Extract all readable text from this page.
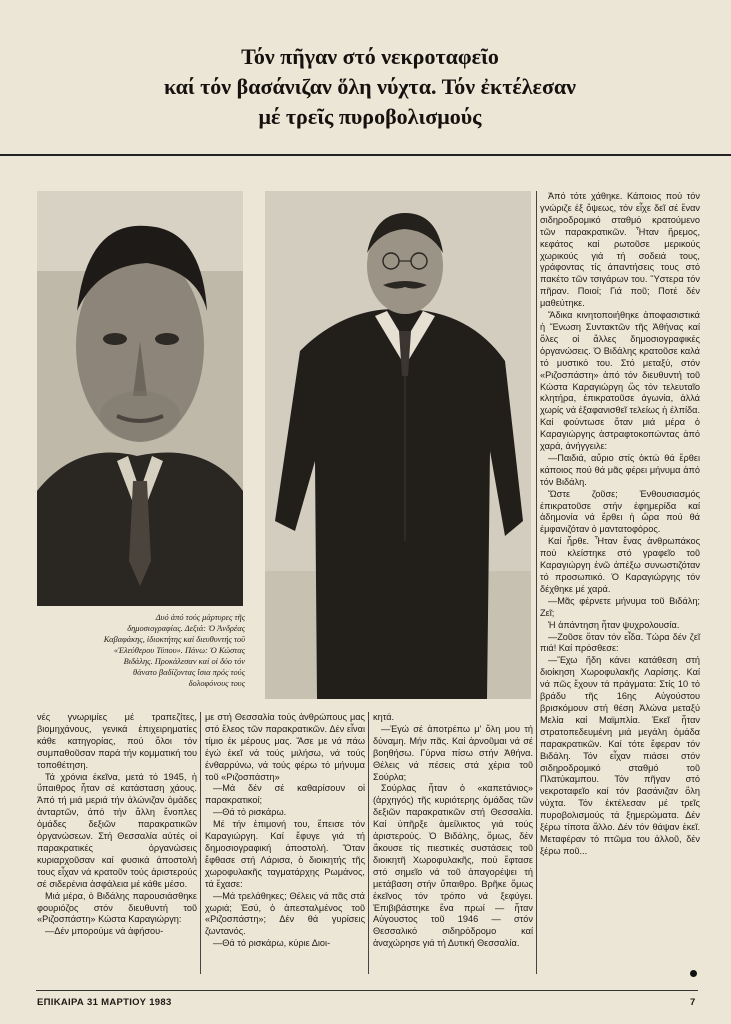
Τόν πῆγαν στό νεκροταφεῖο
καί τόν βασάνιζαν ὅλη νύχτα. Τόν ἐκτέλεσαν
μέ τρεῖς πυροβολισμούς
Δυό ἀπό τούς μάρτυρες τῆς δημοσιογραφίας. Δεξιά: Ὁ Ἀνδρέας Καβαφάκης, ἰδιοκτήτης καί διευθυντής τοῦ «Ἐλεύθερου Τύπου». Πάνω: Ὁ Κώστας Βιδάλης. Προκάλεσαν καί οἱ δύο τόν θάνατο βαδίζοντας ἴσια πρός τούς δολοφόνους τους

Ἀπό τότε χάθηκε. Κάποιος πού τόν γνώριζε ἐξ ὄψεως, τόν εἶχε δεῖ σέ ἕναν σιδηροδρομικό σταθμό κρατούμενο τῶν παρακρατικῶν. Ἦταν ἥρεμος, κεφάτος καί ρωτοῦσε μερικούς χωρικούς γιά τή σοδειά τους, γράφοντας τίς ἀπαντήσεις τους στό πακέτο τῶν τσιγάρων του. Ὕστερα τόν πῆραν. Ποιοί; Γιά ποῦ; Ποτέ δέν μαθεύτηκε.

Ἄδικα κινητοποιήθηκε ἀποφασιστικά ἡ Ἕνωση Συντακτῶν τῆς Ἀθήνας καί ὅλες οἱ ἄλλες δημοσιογραφικές ὀργανώσεις. Ὁ Βιδάλης κρατοῦσε καλά τό μυστικό του. Στό μεταξύ, στόν «Ριζοσπάστη» ἀπό τόν διευθυντή τοῦ Κώστα Καραγιώργη ὥς τόν τελευταῖο κλητήρα, ἐπικρατοῦσε ἀγωνία, ἀλλά χωρίς νά ἐξαφανισθεῖ τελείως ἡ ἐλπίδα. Καί φούντωσε ὅταν μιά μέρα ὁ Καραγιώργης ἀστραφτοκοπώντας ἀπό χαρά, ἀνήγγειλε:

—Παιδιά, αὔριο στίς ὀκτώ θά ἔρθει κάποιος πού θά μᾶς φέρει μήνυμα ἀπό τόν Βιδάλη.

Ὥστε ζοῦσε; Ἐνθουσιασμός ἐπικρατοῦσε στήν ἐφημερίδα καί ἀδημονία νά ἔρθει ἡ ὥρα πού θά ἐμφανιζόταν ὁ μαντατοφόρος.

Καί ἦρθε. Ἦταν ἕνας ἀνθρωπάκος πού κλείστηκε στό γραφεῖο τοῦ Καραγιώργη ἐνῶ ἀπέξω συνωστιζόταν τό προσωπικό. Ὁ Καραγιώργης τόν δέχθηκε μέ χαρά.

—Μᾶς φέρνετε μήνυμα τοῦ Βιδάλη; Ζεῖ;

Ἡ ἀπάντηση ἦταν ψυχρολουσία.

—Ζοῦσε ὅταν τόν εἶδα. Τώρα δέν ζεῖ πιά! Καί πρόσθεσε:

—Ἔχω ἤδη κάνει κατάθεση στή διοίκηση Χωροφυλακῆς Λαρίσης. Καί νά πῶς ἔχουν τά πράγματα: Στίς 10 τό βράδυ τῆς 16ης Αὐγούστου βρισκόμουν στή θέση Ἀλώνα μεταξύ Μελία καί Μαϊμπλία. Ἐκεῖ ἦταν στρατοπεδευμένη μιά μεγάλη ὁμάδα παρακρατικῶν. Καί τότε ἔφεραν τόν Βιδάλη. Τόν εἶχαν πιάσει στόν σιδηροδρομικό σταθμό τοῦ Πλατύκαμπου. Τόν πῆγαν στό νεκροταφεῖο καί τόν βασάνιζαν ὅλη νύχτα. Τόν ἐκτέλεσαν μέ τρεῖς πυροβολισμούς τά ξημερώματα. Δέν ξέρω τίποτα ἄλλο. Δέν τόν θάψαν ἐκεῖ. Μεταφέραν τό πτῶμα του ἀλλοῦ, δέν ξέρω ποῦ...

νές γνωριμίες μέ τραπεζίτες, βιομηχάνους, γενικά ἐπιχειρηματίες κάθε κατηγορίας, πού ὅλοι τόν συμπαθοῦσαν παρά τήν κομματική του τοποθέτηση.

Τά χρόνια ἐκεῖνα, μετά τό 1945, ἡ ὕπαιθρος ἦταν σέ κατάσταση χάους. Ἀπό τή μιά μεριά τήν ἀλώνιζαν ὁμάδες ἀνταρτῶν, ἀπό τήν ἄλλη ἔνοπλες ὁμάδες δεξιῶν παρακρατικῶν ὀργανώσεων. Στή Θεσσαλία αὐτές οἱ παρακρατικές ὀργανώσεις κυριαρχοῦσαν καί φυσικά ἀποστολή τους εἶχαν νά κρατοῦν τούς ἀριστερούς σέ σιδερένια ἀσφάλεια μέ κάθε μέσο.

Μιά μέρα, ὁ Βιδάλης παρουσιάσθηκε φουριόζος στόν διευθυντή τοῦ «Ριζοσπάστη» Κώστα Καραγιώργη:

—Δέν μπορούμε νά ἀφήσου-

με στή Θεσσαλία τούς ἀνθρώπους μας στό ἔλεος τῶν παρακρατικῶν. Δέν εἶναι τίμιο ἐκ μέρους μας. Ἄσε με νά πάω ἐγώ ἐκεῖ νά τούς μιλήσω, νά τούς ἐνθαρρύνω, νά τούς φέρω τό μήνυμα τοῦ «Ριζοσπάστη»

—Μά δέν σέ καθαρίσουν οἱ παρακρατικοί;

—Θά τό ρισκάρω.

Μέ τήν ἐπιμονή του, ἔπεισε τόν Καραγιώργη. Καί ἔφυγε γιά τή δημοσιογραφική ἀποστολή. Ὅταν ἔφθασε στή Λάρισα, ὁ διοικητής τῆς χωροφυλακῆς ταγματάρχης Ρωμάνος, τά ἔχασε:

—Μά τρελάθηκες; Θέλεις νά πᾶς στά χωριά; Ἐσύ, ὁ ἀπεσταλμένος τοῦ «Ριζοσπάστη»; Δέν θά γυρίσεις ζωντανός.

—Θά τό ρισκάρω, κύριε Διοι-

κητά.

—Ἐγώ σέ ἀποτρέπω μ' ὅλη μου τή δύναμη. Μήν πᾶς. Καί ἀρνοῦμαι νά σέ βοηθήσω. Γύρνα πίσω στήν Ἀθήνα. Θέλεις νά πέσεις στά χέρια τοῦ Σούρλα;

Σούρλας ἦταν ὁ «καπετάνιος» (ἀρχηγός) τῆς κυριότερης ὁμάδας τῶν δεξιῶν παρακρατικῶν στή Θεσσαλία. Καί ὑπῆρξε ἀμείλικτος γιά τούς ἀριστερούς. Ὁ Βιδάλης, ὅμως, δέν ἄκουσε τίς πιεστικές συστάσεις τοῦ διοικητῆ Χωροφυλακῆς, πού ἔφτασε στό σημεῖο νά τοῦ ἀπαγορέψει τή μετάβαση στήν ὕπαιθρο. Βρῆκε ὅμως ἐκεῖνος τόν τρόπο νά ξεφύγει. Ἐπιβιβάστηκε ἕνα πρωί — ἦταν Αὐγουστος τοῦ 1946 — στόν Θεσσαλικό σιδηρόδρομο καί ἀναχώρησε γιά τή Δυτική Θεσσαλία.

ΕΠΙΚΑΙΡΑ 31 ΜΑΡΤΙΟΥ 1983	7
